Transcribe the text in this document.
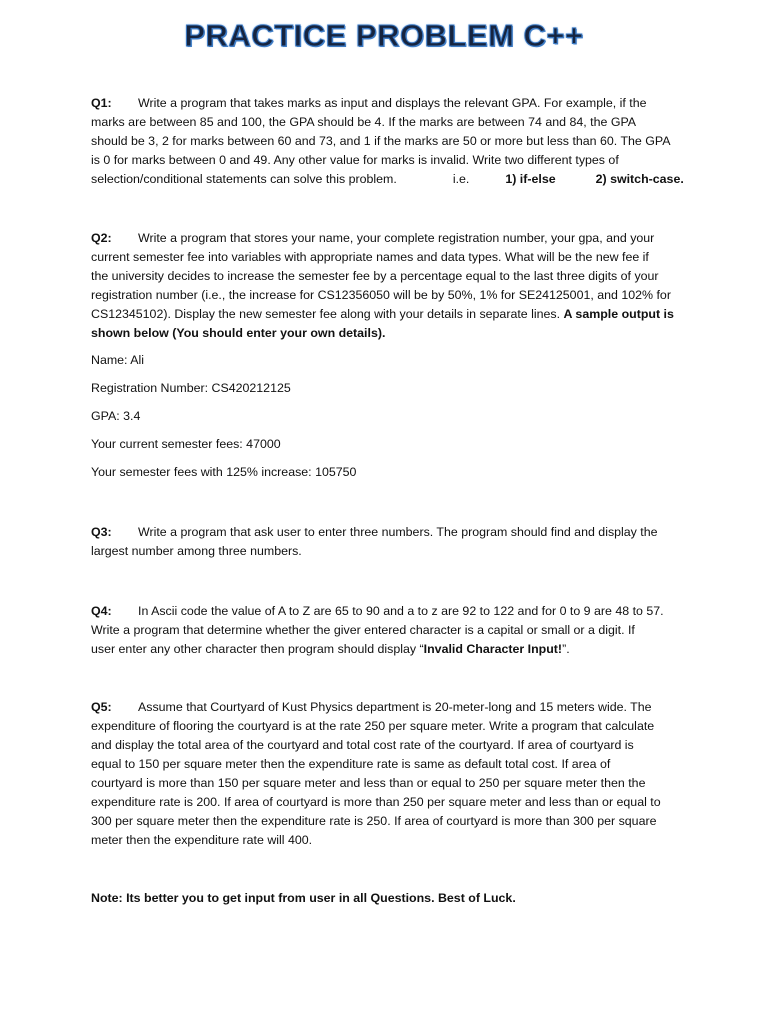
PRACTICE PROBLEM C++
Q1: Write a program that takes marks as input and displays the relevant GPA. For example, if the
marks are between 85 and 100, the GPA should be 4. If the marks are between 74 and 84, the GPA
should be 3, 2 for marks between 60 and 73, and 1 if the marks are 50 or more but less than 60. The GPA
is 0 for marks between 0 and 49. Any other value for marks is invalid. Write two different types of
selection/conditional statements can solve this problem.	i.e.	1) if-else	2) switch-case.
Q2: Write a program that stores your name, your complete registration number, your gpa, and your
current semester fee into variables with appropriate names and data types. What will be the new fee if
the university decides to increase the semester fee by a percentage equal to the last three digits of your
registration number (i.e., the increase for CS12356050 will be by 50%, 1% for SE24125001, and 102% for
CS12345102). Display the new semester fee along with your details in separate lines. A sample output is
shown below (You should enter your own details).
Name: Ali
Registration Number: CS420212125
GPA: 3.4
Your current semester fees: 47000
Your semester fees with 125% increase: 105750
Q3: Write a program that ask user to enter three numbers. The program should find and display the
largest number among three numbers.
Q4: In Ascii code the value of A to Z are 65 to 90 and a to z are 92 to 122 and for 0 to 9 are 48 to 57.
Write a program that determine whether the giver entered character is a capital or small or a digit. If
user enter any other character then program should display “Invalid Character Input!”.
Q5: Assume that Courtyard of Kust Physics department is 20-meter-long and 15 meters wide. The
expenditure of flooring the courtyard is at the rate 250 per square meter. Write a program that calculate
and display the total area of the courtyard and total cost rate of the courtyard. If area of courtyard is
equal to 150 per square meter then the expenditure rate is same as default total cost. If area of
courtyard is more than 150 per square meter and less than or equal to 250 per square meter then the
expenditure rate is 200. If area of courtyard is more than 250 per square meter and less than or equal to
300 per square meter then the expenditure rate is 250. If area of courtyard is more than 300 per square
meter then the expenditure rate will 400.
Note: Its better you to get input from user in all Questions. Best of Luck.
